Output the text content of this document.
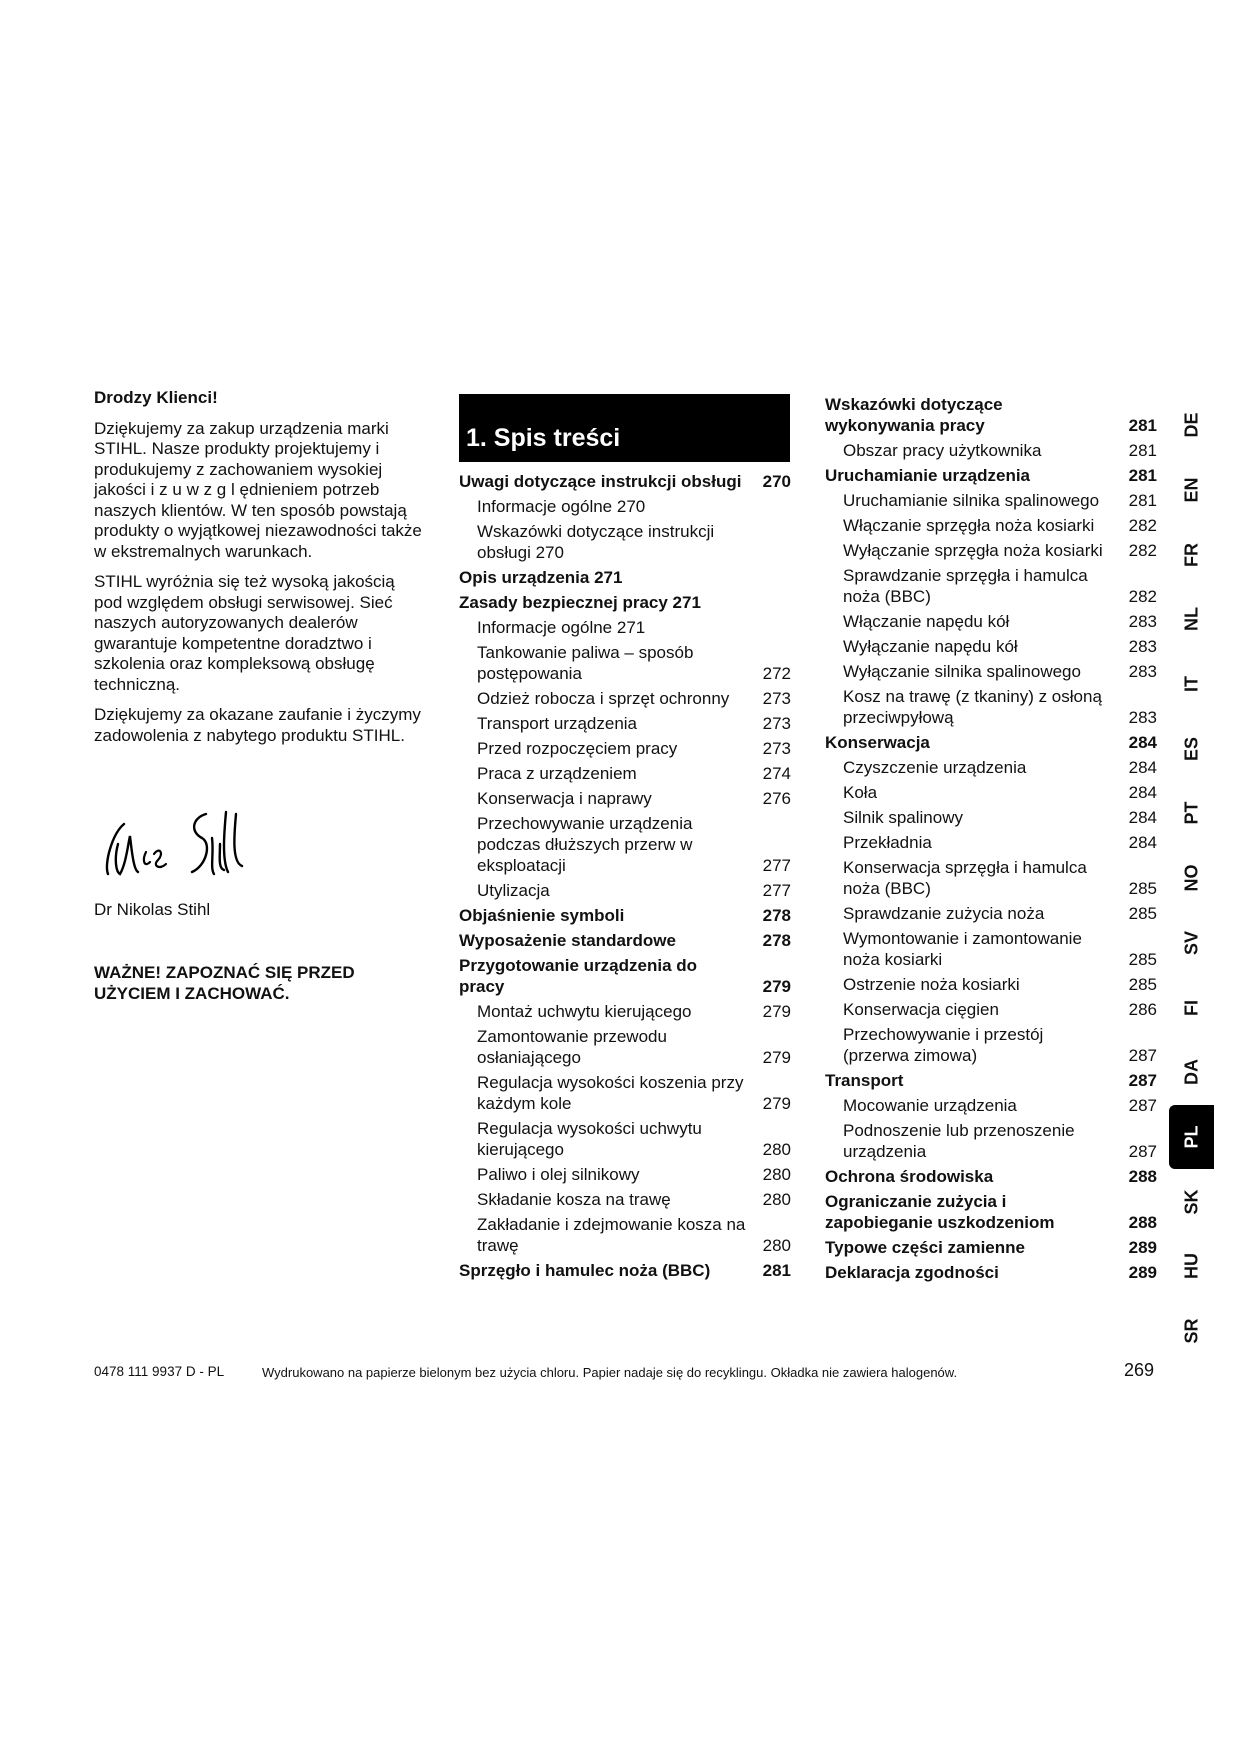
Drodzy Klienci!

Dziękujemy za zakup urządzenia marki STIHL. Nasze produkty projektujemy i produkujemy z zachowaniem wysokiej jakości i z u w z g l ędnieniem potrzeb naszych klientów. W ten sposób powstają produkty o wyjątkowej niezawodności także w ekstremalnych warunkach.

STIHL wyróżnia się też wysoką jakością pod względem obsługi serwisowej. Sieć naszych autoryzowanych dealerów gwarantuje kompetentne doradztwo i szkolenia oraz kompleksową obsługę techniczną.

Dziękujemy za okazane zaufanie i życzymy zadowolenia z nabytego produktu STIHL.

Dr Nikolas Stihl
WAŻNE! ZAPOZNAĆ SIĘ PRZED UŻYCIEM I ZACHOWAĆ.
1. Spis treści
Uwagi dotyczące instrukcji obsługi	270
Informacje ogólne 270
Wskazówki dotyczące instrukcji obsługi 270
Opis urządzenia 271
Zasady bezpiecznej pracy 271
Informacje ogólne 271
Tankowanie paliwa – sposób postępowania	272
Odzież robocza i sprzęt ochronny	273
Transport urządzenia	273
Przed rozpoczęciem pracy	273
Praca z urządzeniem	274
Konserwacja i naprawy	276
Przechowywanie urządzenia podczas dłuższych przerw w eksploatacji	277
Utylizacja	277
Objaśnienie symboli	278
Wyposażenie standardowe	278
Przygotowanie urządzenia do pracy	279
Montaż uchwytu kierującego	279
Zamontowanie przewodu osłaniającego	279
Regulacja wysokości koszenia przy każdym kole	279
Regulacja wysokości uchwytu kierującego	280
Paliwo i olej silnikowy	280
Składanie kosza na trawę	280
Zakładanie i zdejmowanie kosza na trawę	280
Sprzęgło i hamulec noża (BBC)	281
Wskazówki dotyczące wykonywania pracy	281
Obszar pracy użytkownika	281
Uruchamianie urządzenia	281
Uruchamianie silnika spalinowego	281
Włączanie sprzęgła noża kosiarki	282
Wyłączanie sprzęgła noża kosiarki	282
Sprawdzanie sprzęgła i hamulca noża (BBC)	282
Włączanie napędu kół	283
Wyłączanie napędu kół	283
Wyłączanie silnika spalinowego	283
Kosz na trawę (z tkaniny) z osłoną przeciwpyłową	283
Konserwacja	284
Czyszczenie urządzenia	284
Koła	284
Silnik spalinowy	284
Przekładnia	284
Konserwacja sprzęgła i hamulca noża (BBC)	285
Sprawdzanie zużycia noża	285
Wymontowanie i zamontowanie noża kosiarki	285
Ostrzenie noża kosiarki	285
Konserwacja cięgien	286
Przechowywanie i przestój (przerwa zimowa)	287
Transport	287
Mocowanie urządzenia	287
Podnoszenie lub przenoszenie urządzenia	287
Ochrona środowiska	288
Ograniczanie zużycia i zapobieganie uszkodzeniom	288
Typowe części zamienne	289
Deklaracja zgodności	289
DE
EN
FR
NL
IT
ES
PT
NO
SV
FI
DA
PL
SK
HU
SR
0478 111 9937 D - PL	Wydrukowano na papierze bielonym bez użycia chloru. Papier nadaje się do recyklingu. Okładka nie zawiera halogenów.	269
